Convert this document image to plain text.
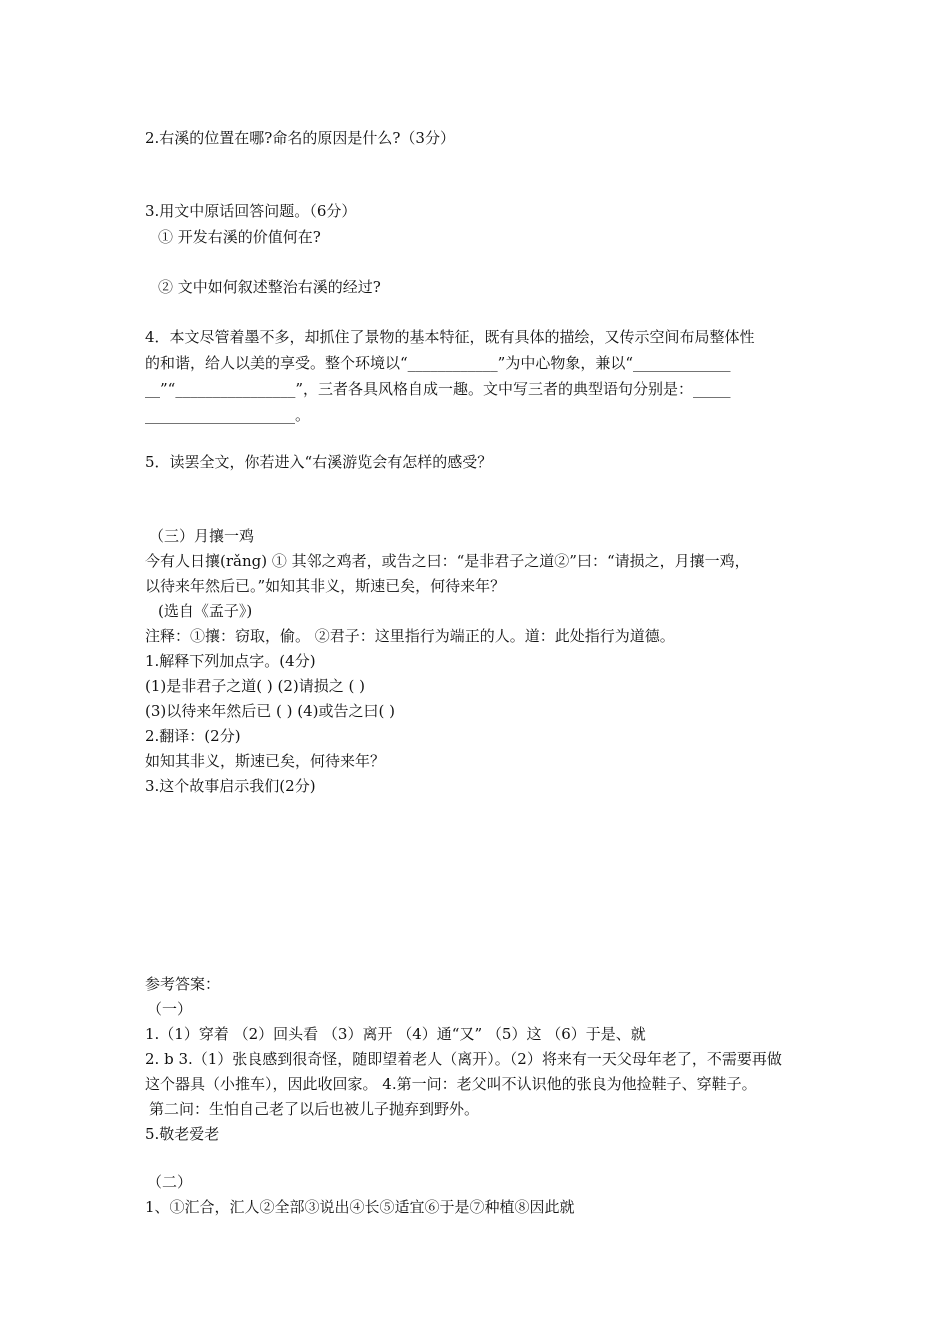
2.右溪的位置在哪?命名的原因是什么?（3分）
3.用文中原话回答问题。（6分）
① 开发右溪的价值何在?
② 文中如何叙述整治右溪的经过?
4．本文尽管着墨不多，却抓住了景物的基本特征，既有具体的描绘，又传示空间布局整体性
的和谐，给人以美的享受。整个环境以“____________”为中心物象，兼以“_____________
__”“________________”，三者各具风格自成一趣。文中写三者的典型语句分别是：_____
____________________。
5．读罢全文，你若进入“右溪游览会有怎样的感受？
（三）月攘一鸡
今有人日攘(rǎng) ① 其邻之鸡者，或告之曰：“是非君子之道②”曰：“请损之，月攘一鸡，
以待来年然后已。”如知其非义，斯速已矣，何待来年？
(选自《孟子》)
注释：①攘：窃取，偷。 ②君子：这里指行为端正的人。道：此处指行为道德。
1.解释下列加点字。(4分)
(1)是非君子之道( ) (2)请损之 ( )
(3)以待来年然后已 ( ) (4)或告之曰( )
2.翻译：(2分)
如知其非义，斯速已矣，何待来年？
3.这个故事启示我们(2分)
参考答案：
（一）
1.（1）穿着 （2）回头看 （3）离开 （4）通“又” （5）这 （6）于是、就
2. b 3.（1）张良感到很奇怪，随即望着老人（离开）。（2）将来有一天父母年老了，不需要再做
这个器具（小推车），因此收回家。 4.第一问：老父叫不认识他的张良为他捡鞋子、穿鞋子。
第二问：生怕自己老了以后也被儿子抛弃到野外。
5.敬老爱老
（二）
1、①汇合，汇人②全部③说出④长⑤适宜⑥于是⑦种植⑧因此就
